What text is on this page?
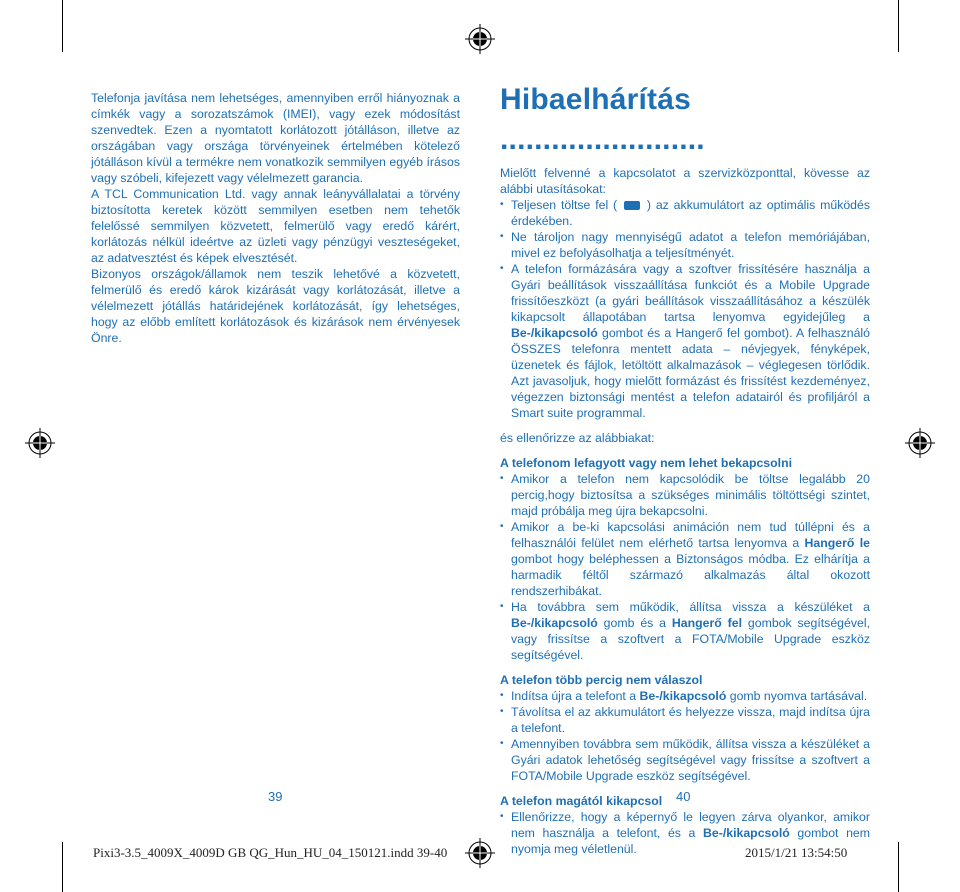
Telefonja javítása nem lehetséges, amennyiben erről hiányoznak a címkék vagy a sorozatszámok (IMEI), vagy ezek módosítást szenvedtek. Ezen a nyomtatott korlátozott jótálláson, illetve az országában vagy országa törvényeinek értelmében kötelező jótálláson kívül a termékre nem vonatkozik semmilyen egyéb írásos vagy szóbeli, kifejezett vagy vélelmezett garancia.

A TCL Communication Ltd. vagy annak leányvállalatai a törvény biztosította keretek között semmilyen esetben nem tehetők felelőssé semmilyen közvetett, felmerülő vagy eredő kárért, korlátozás nélkül ideértve az üzleti vagy pénzügyi veszteségeket, az adatvesztést és képek elvesztését.

Bizonyos országok/államok nem teszik lehetővé a közvetett, felmerülő és eredő károk kizárását vagy korlátozását, illetve a vélelmezett jótállás határidejének korlátozását, így lehetséges, hogy az előbb említett korlátozások és kizárások nem érvényesek Önre.

Hibaelhárítás ........................

Mielőtt felvenné a kapcsolatot a szervizközponttal, kövesse az alábbi utasításokat:

• Teljesen töltse fel ( ) az akkumulátort az optimális működés érdekében.
• Ne tároljon nagy mennyiségű adatot a telefon memóriájában, mivel ez befolyásolhatja a teljesítményét.
• A telefon formázására vagy a szoftver frissítésére használja a Gyári beállítások visszaállítása funkciót és a Mobile Upgrade frissítőeszközt (a gyári beállítások visszaállításához a készülék kikapcsolt állapotában tartsa lenyomva egyidejűleg a Be-/kikapcsoló gombot és a Hangerő fel gombot). A felhasználó ÖSSZES telefonra mentett adata – névjegyek, fényképek, üzenetek és fájlok, letöltött alkalmazások – véglegesen törlődik. Azt javasoljuk, hogy mielőtt formázást és frissítést kezdeményez, végezzen biztonsági mentést a telefon adatairól és profiljáról a Smart suite programmal.

és ellenőrizze az alábbiakat:

A telefonom lefagyott vagy nem lehet bekapcsolni
• Amikor a telefon nem kapcsolódik be töltse legalább 20 percig,hogy biztosítsa a szükséges minimális töltöttségi szintet, majd próbálja meg újra bekapcsolni.
• Amikor a be-ki kapcsolási animáción nem tud túllépni és a felhasználói felület nem elérhető tartsa lenyomva a Hangerő le gombot hogy beléphessen a Biztonságos módba. Ez elhárítja a harmadik féltől származó alkalmazás által okozott rendszerhibákat.
• Ha továbbra sem működik, állítsa vissza a készüléket a Be-/kikapcsoló gomb és a Hangerő fel gombok segítségével, vagy frissítse a szoftvert a FOTA/Mobile Upgrade eszköz segítségével.
A telefon több percig nem válaszol
• Indítsa újra a telefont a Be-/kikapcsoló gomb nyomva tartásával.
• Távolítsa el az akkumulátort és helyezze vissza, majd indítsa újra a telefont.
• Amennyiben továbbra sem működik, állítsa vissza a készüléket a Gyári adatok lehetőség segítségével vagy frissítse a szoftvert a FOTA/Mobile Upgrade eszköz segítségével.
A telefon magától kikapcsol
• Ellenőrizze, hogy a képernyő le legyen zárva olyankor, amikor nem használja a telefont, és a Be-/kikapcsoló gombot nem nyomja meg véletlenül.
39	40
Pixi3-3.5_4009X_4009D GB QG_Hun_HU_04_150121.indd 39-40	2015/1/21 13:54:50
